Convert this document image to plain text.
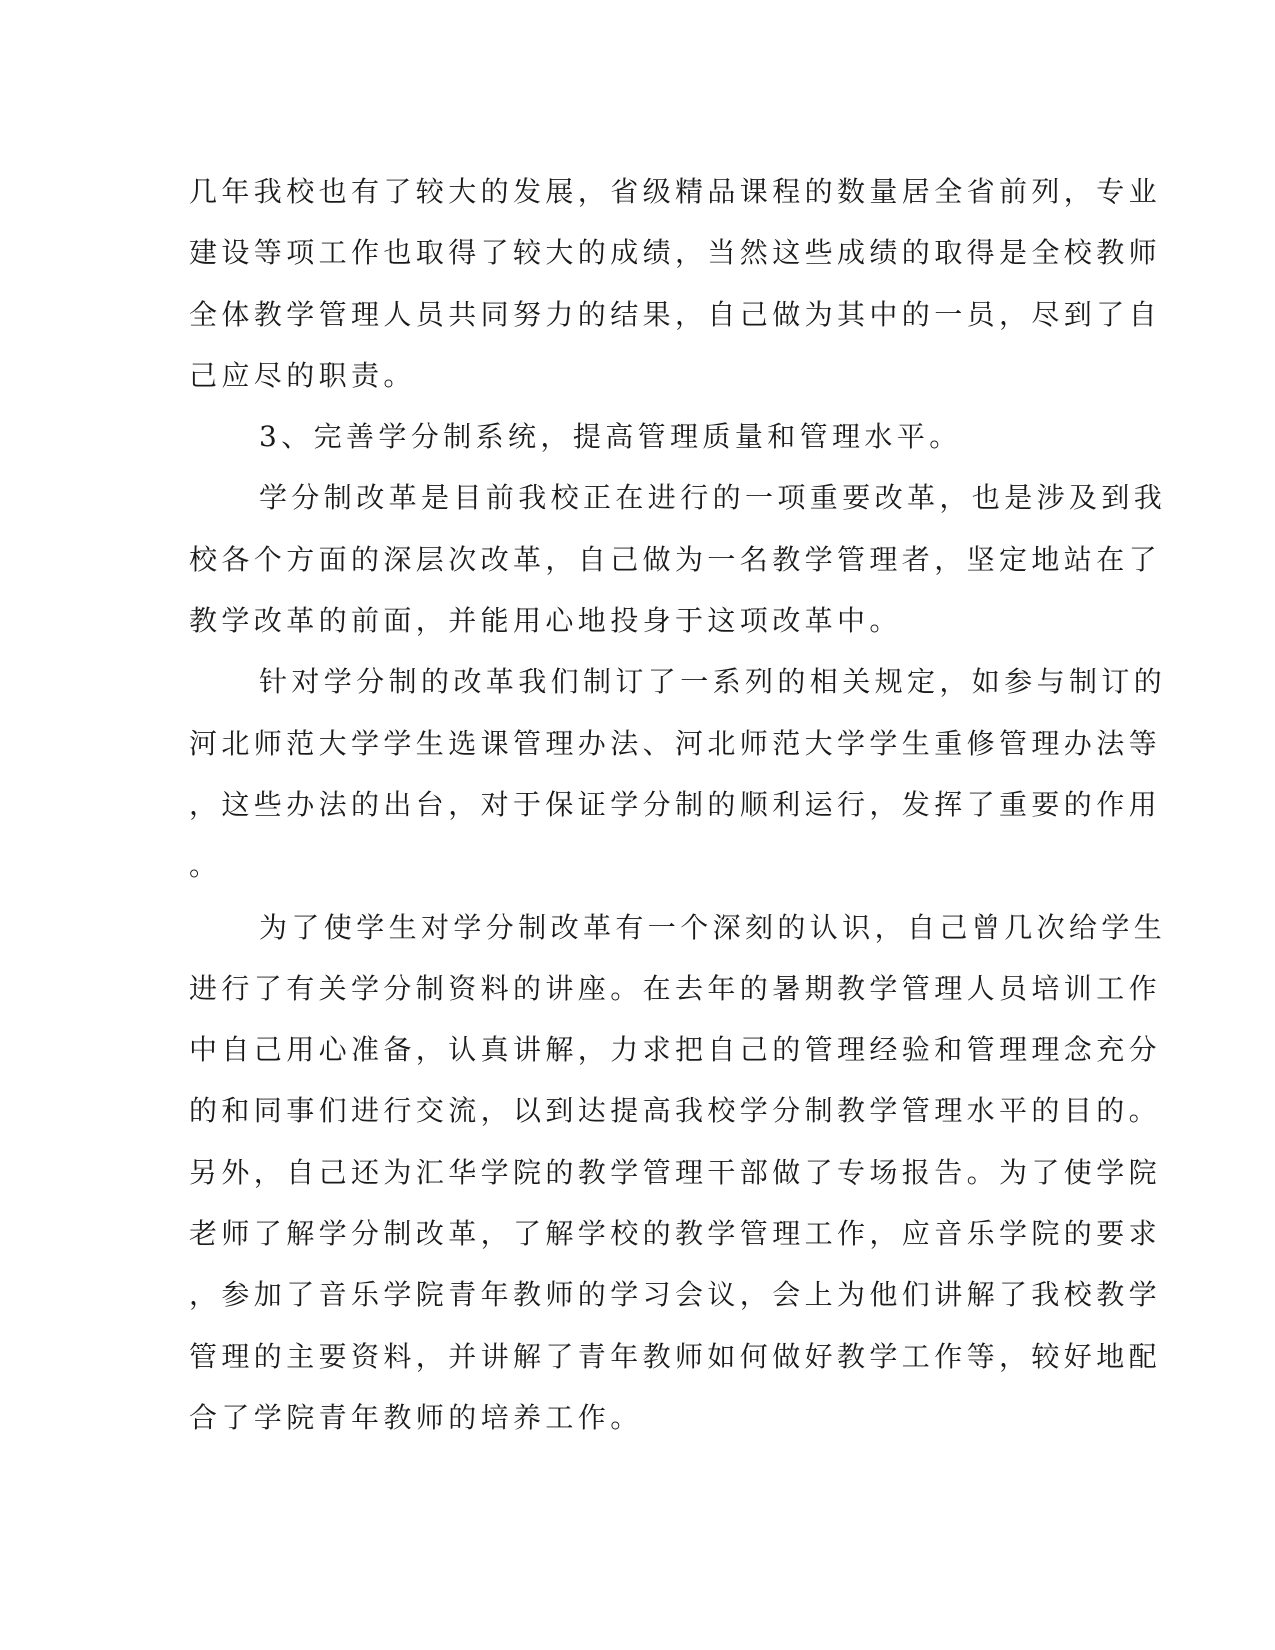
几年我校也有了较大的发展，省级精品课程的数量居全省前列，专业
建设等项工作也取得了较大的成绩，当然这些成绩的取得是全校教师
全体教学管理人员共同努力的结果，自己做为其中的一员，尽到了自
己应尽的职责。
3、完善学分制系统，提高管理质量和管理水平。
学分制改革是目前我校正在进行的一项重要改革，也是涉及到我
校各个方面的深层次改革，自己做为一名教学管理者，坚定地站在了
教学改革的前面，并能用心地投身于这项改革中。
针对学分制的改革我们制订了一系列的相关规定，如参与制订的
河北师范大学学生选课管理办法、河北师范大学学生重修管理办法等
，这些办法的出台，对于保证学分制的顺利运行，发挥了重要的作用
。
为了使学生对学分制改革有一个深刻的认识，自己曾几次给学生
进行了有关学分制资料的讲座。在去年的暑期教学管理人员培训工作
中自己用心准备，认真讲解，力求把自己的管理经验和管理理念充分
的和同事们进行交流，以到达提高我校学分制教学管理水平的目的。
另外，自己还为汇华学院的教学管理干部做了专场报告。为了使学院
老师了解学分制改革，了解学校的教学管理工作，应音乐学院的要求
，参加了音乐学院青年教师的学习会议，会上为他们讲解了我校教学
管理的主要资料，并讲解了青年教师如何做好教学工作等，较好地配
合了学院青年教师的培养工作。
